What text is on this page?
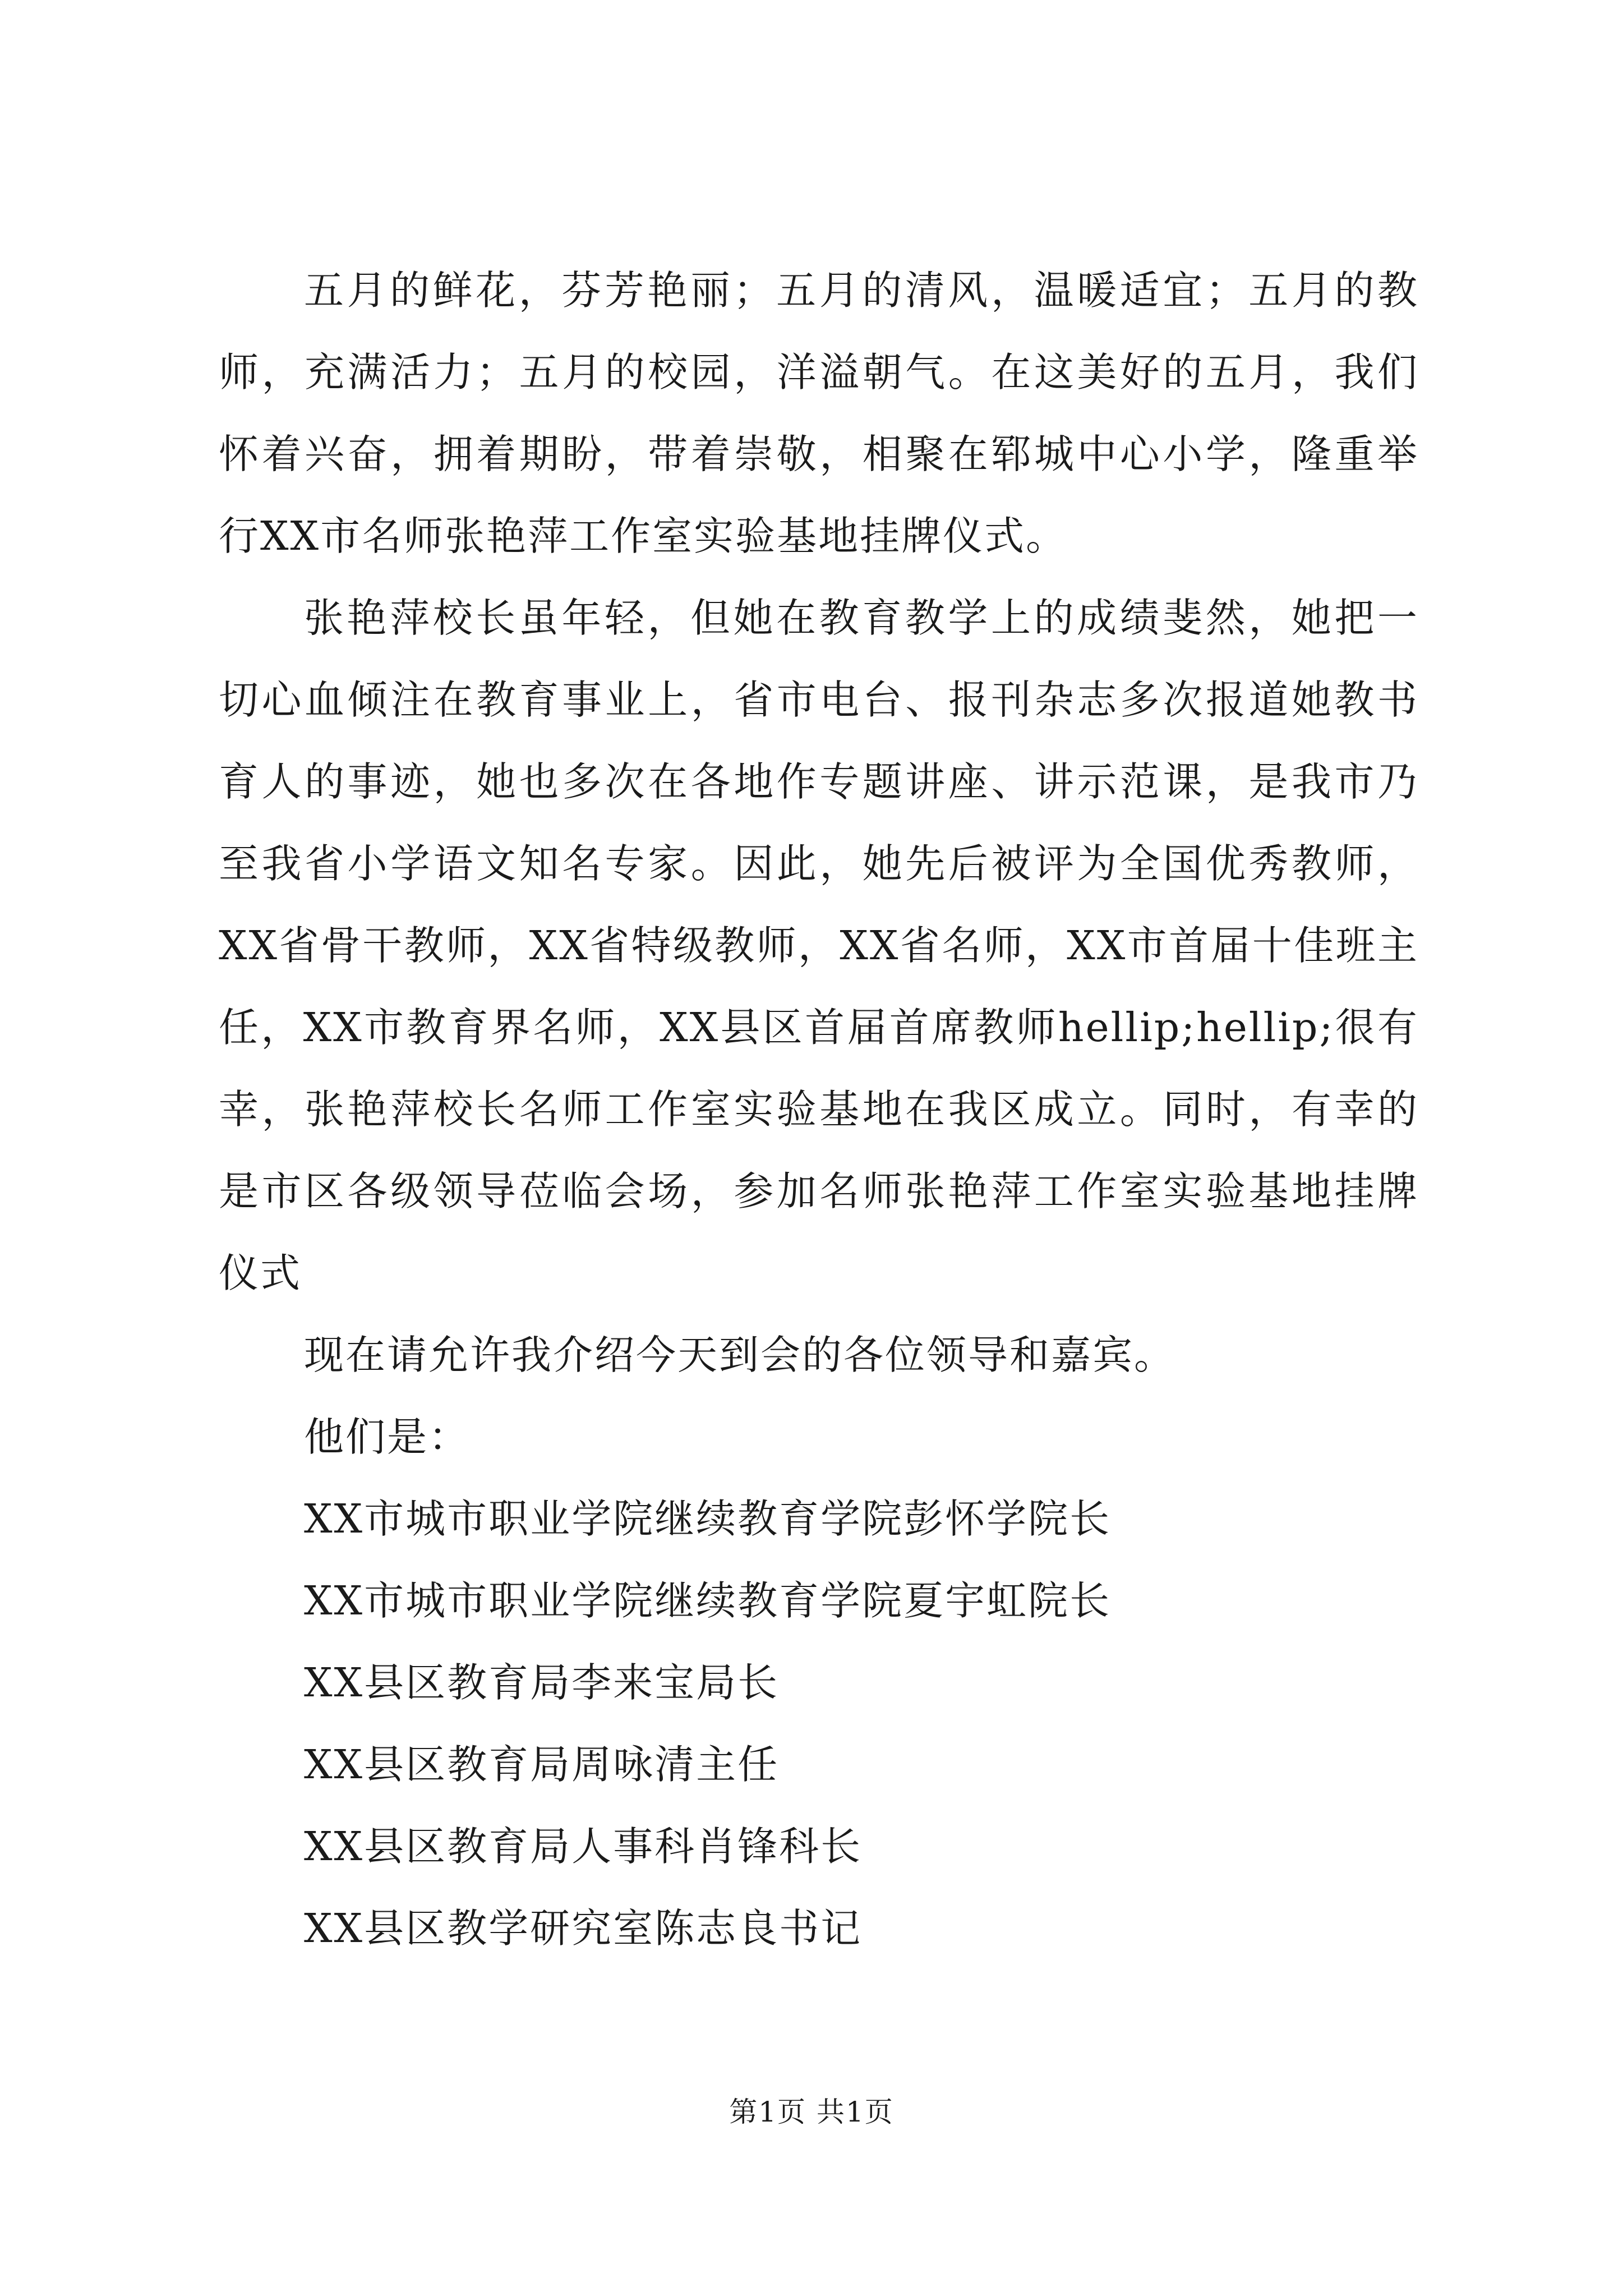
五月的鲜花，芬芳艳丽；五月的清风，温暖适宜；五月的教师，充满活力；五月的校园，洋溢朝气。在这美好的五月，我们怀着兴奋，拥着期盼，带着崇敬，相聚在郓城中心小学，隆重举行XX市名师张艳萍工作室实验基地挂牌仪式。

张艳萍校长虽年轻，但她在教育教学上的成绩斐然，她把一切心血倾注在教育事业上，省市电台、报刊杂志多次报道她教书育人的事迹，她也多次在各地作专题讲座、讲示范课，是我市乃至我省小学语文知名专家。因此，她先后被评为全国优秀教师，XX省骨干教师，XX省特级教师，XX省名师，XX市首届十佳班主任，XX市教育界名师，XX县区首届首席教师hellip;hellip;很有幸，张艳萍校长名师工作室实验基地在我区成立。同时，有幸的是市区各级领导莅临会场，参加名师张艳萍工作室实验基地挂牌仪式

现在请允许我介绍今天到会的各位领导和嘉宾。

他们是：

XX市城市职业学院继续教育学院彭怀学院长
XX市城市职业学院继续教育学院夏宇虹院长
XX县区教育局李来宝局长
XX县区教育局周咏清主任
XX县区教育局人事科肖锋科长
XX县区教学研究室陈志良书记
第1页 共1页
